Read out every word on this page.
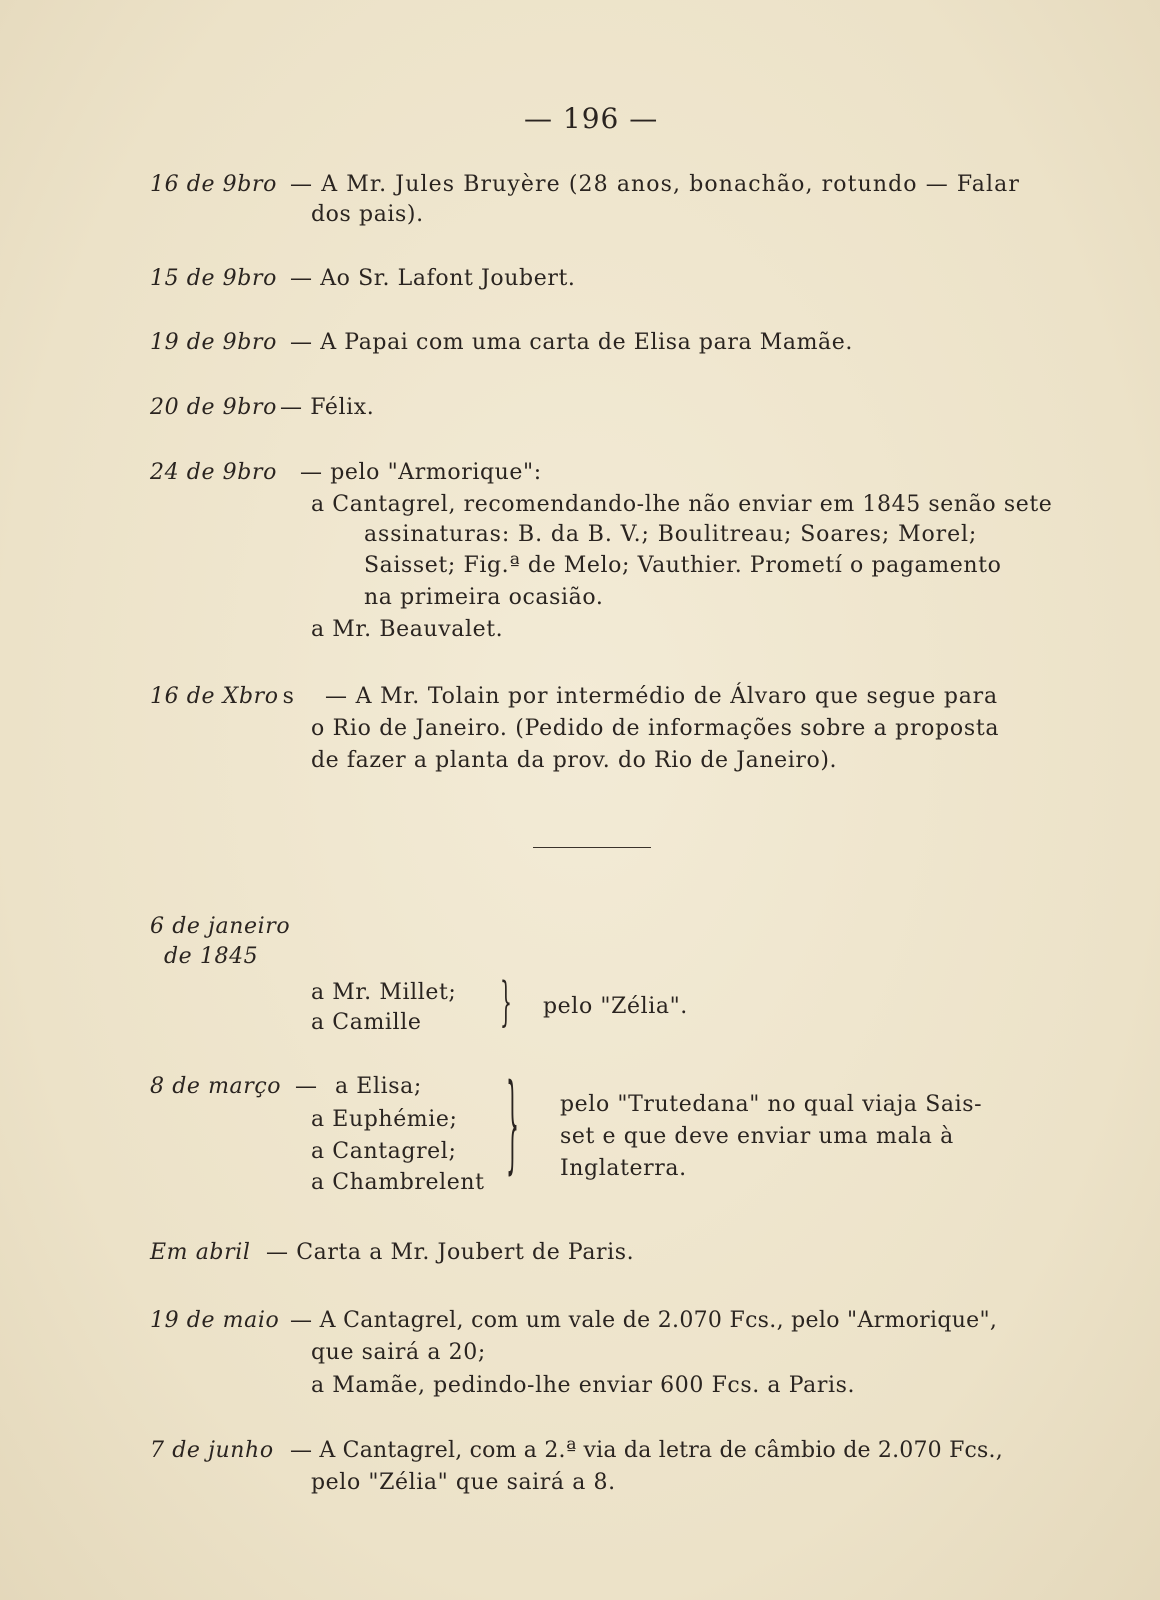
— 196 —
16 de 9bro — A Mr. Jules Bruyère (28 anos, bonachão, rotundo — Falar
dos pais).
15 de 9bro — Ao Sr. Lafont Joubert.
19 de 9bro — A Papai com uma carta de Elisa para Mamãe.
20 de 9bro — Félix.
24 de 9bro — pelo "Armorique":
a Cantagrel, recomendando-lhe não enviar em 1845 senão sete
assinaturas: B. da B. V.; Boulitreau; Soares; Morel;
Saisset; Fig.ª de Melo; Vauthier. Prometí o pagamento
na primeira ocasião.
a Mr. Beauvalet.
16 de Xbro s — A Mr. Tolain por intermédio de Álvaro que segue para
o Rio de Janeiro. (Pedido de informações sobre a proposta
de fazer a planta da prov. do Rio de Janeiro).
6 de janeiro
de 1845
a Mr. Millet;
a Camille } pelo "Zélia".
8 de março — a Elisa;
a Euphémie;
a Cantagrel;
a Chambrelent } pelo "Trutedana" no qual viaja Sais-
set e que deve enviar uma mala à
Inglaterra.
Em abril — Carta a Mr. Joubert de Paris.
19 de maio — A Cantagrel, com um vale de 2.070 Fcs., pelo "Armorique",
que sairá a 20;
a Mamãe, pedindo-lhe enviar 600 Fcs. a Paris.
7 de junho — A Cantagrel, com a 2.ª via da letra de câmbio de 2.070 Fcs.,
pelo "Zélia" que sairá a 8.
